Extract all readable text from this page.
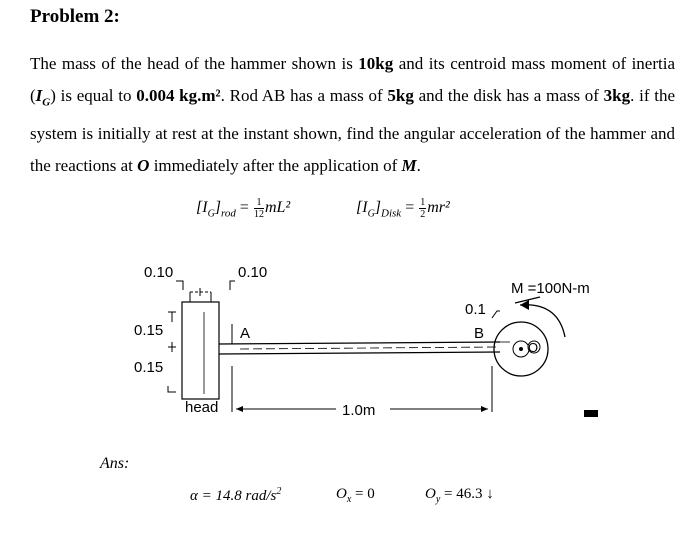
Problem 2:
The mass of the head of the hammer shown is 10kg and its centroid mass moment of inertia $(I_G)$ is equal to 0.004 kg.m². Rod AB has a mass of 5kg and the disk has a mass of 3kg. if the system is initially at rest at the instant shown, find the angular acceleration of the hammer and the reactions at O immediately after the application of M.
$[I_G]_{rod} = \frac{1}{12} mL^2$	$[I_G]_{Disk} = \frac{1}{2} mr^2$
0.10	0.10
0.15
0.15
A
head	1.0m
0.1
B
O
M =100N-m
Ans:
α = 14.8 rad/$s^2$	$O_x = 0$	$O_y = 46.3$ ↓
